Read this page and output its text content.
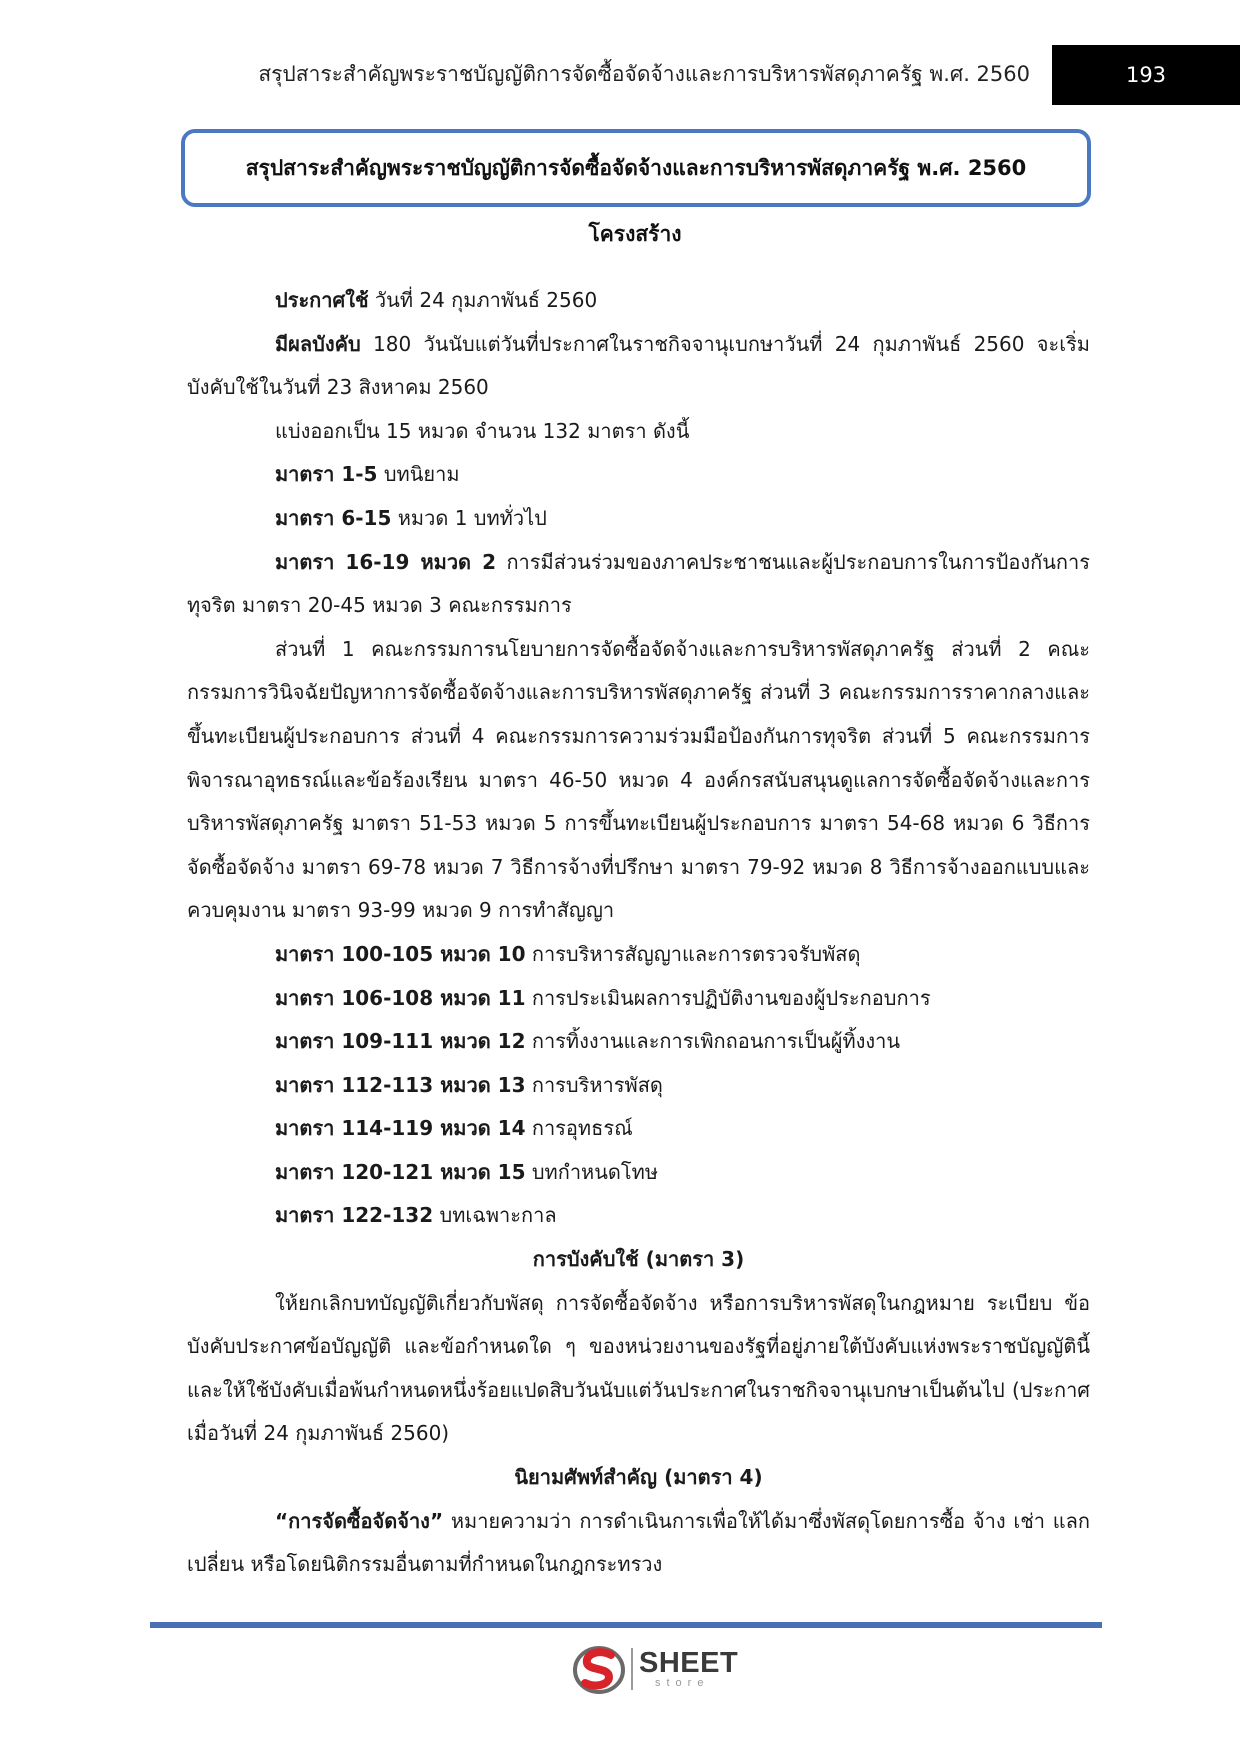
สรุปสาระสำคัญพระราชบัญญัติการจัดซื้อจัดจ้างและการบริหารพัสดุภาครัฐ พ.ศ. 2560	193
สรุปสาระสำคัญพระราชบัญญัติการจัดซื้อจัดจ้างและการบริหารพัสดุภาครัฐ พ.ศ. 2560
โครงสร้าง

ประกาศใช้ วันที่ 24 กุมภาพันธ์ 2560

มีผลบังคับ 180 วันนับแต่วันที่ประกาศในราชกิจจานุเบกษาวันที่ 24 กุมภาพันธ์ 2560 จะเริ่มบังคับใช้ในวันที่ 23 สิงหาคม 2560

แบ่งออกเป็น 15 หมวด จำนวน 132 มาตรา ดังนี้

มาตรา 1-5 บทนิยาม

มาตรา 6-15 หมวด 1 บททั่วไป

มาตรา 16-19 หมวด 2 การมีส่วนร่วมของภาคประชาชนและผู้ประกอบการในการป้องกันการทุจริต มาตรา 20-45 หมวด 3 คณะกรรมการ

ส่วนที่ 1 คณะกรรมการนโยบายการจัดซื้อจัดจ้างและการบริหารพัสดุภาครัฐ ส่วนที่ 2 คณะกรรมการวินิจฉัยปัญหาการจัดซื้อจัดจ้างและการบริหารพัสดุภาครัฐ ส่วนที่ 3 คณะกรรมการราคากลางและขึ้นทะเบียนผู้ประกอบการ ส่วนที่ 4 คณะกรรมการความร่วมมือป้องกันการทุจริต ส่วนที่ 5 คณะกรรมการพิจารณาอุทธรณ์และข้อร้องเรียน มาตรา 46-50 หมวด 4 องค์กรสนับสนุนดูแลการจัดซื้อจัดจ้างและการบริหารพัสดุภาครัฐ มาตรา 51-53 หมวด 5 การขึ้นทะเบียนผู้ประกอบการ มาตรา 54-68 หมวด 6 วิธีการจัดซื้อจัดจ้าง มาตรา 69-78 หมวด 7 วิธีการจ้างที่ปรึกษา มาตรา 79-92 หมวด 8 วิธีการจ้างออกแบบและควบคุมงาน มาตรา 93-99 หมวด 9 การทำสัญญา

มาตรา 100-105 หมวด 10 การบริหารสัญญาและการตรวจรับพัสดุ

มาตรา 106-108 หมวด 11 การประเมินผลการปฏิบัติงานของผู้ประกอบการ

มาตรา 109-111 หมวด 12 การทิ้งงานและการเพิกถอนการเป็นผู้ทิ้งงาน

มาตรา 112-113 หมวด 13 การบริหารพัสดุ

มาตรา 114-119 หมวด 14 การอุทธรณ์

มาตรา 120-121 หมวด 15 บทกำหนดโทษ

มาตรา 122-132 บทเฉพาะกาล

การบังคับใช้ (มาตรา 3)

ให้ยกเลิกบทบัญญัติเกี่ยวกับพัสดุ การจัดซื้อจัดจ้าง หรือการบริหารพัสดุในกฎหมาย ระเบียบ ข้อบังคับประกาศข้อบัญญัติ และข้อกำหนดใด ๆ ของหน่วยงานของรัฐที่อยู่ภายใต้บังคับแห่งพระราชบัญญัตินี้ และให้ใช้บังคับเมื่อพ้นกำหนดหนึ่งร้อยแปดสิบวันนับแต่วันประกาศในราชกิจจานุเบกษาเป็นต้นไป (ประกาศ เมื่อวันที่ 24 กุมภาพันธ์ 2560)

นิยามศัพท์สำคัญ (มาตรา 4)

“การจัดซื้อจัดจ้าง” หมายความว่า การดำเนินการเพื่อให้ได้มาซึ่งพัสดุโดยการซื้อ จ้าง เช่า แลกเปลี่ยน หรือโดยนิติกรรมอื่นตามที่กำหนดในกฎกระทรวง

SHEET
store
